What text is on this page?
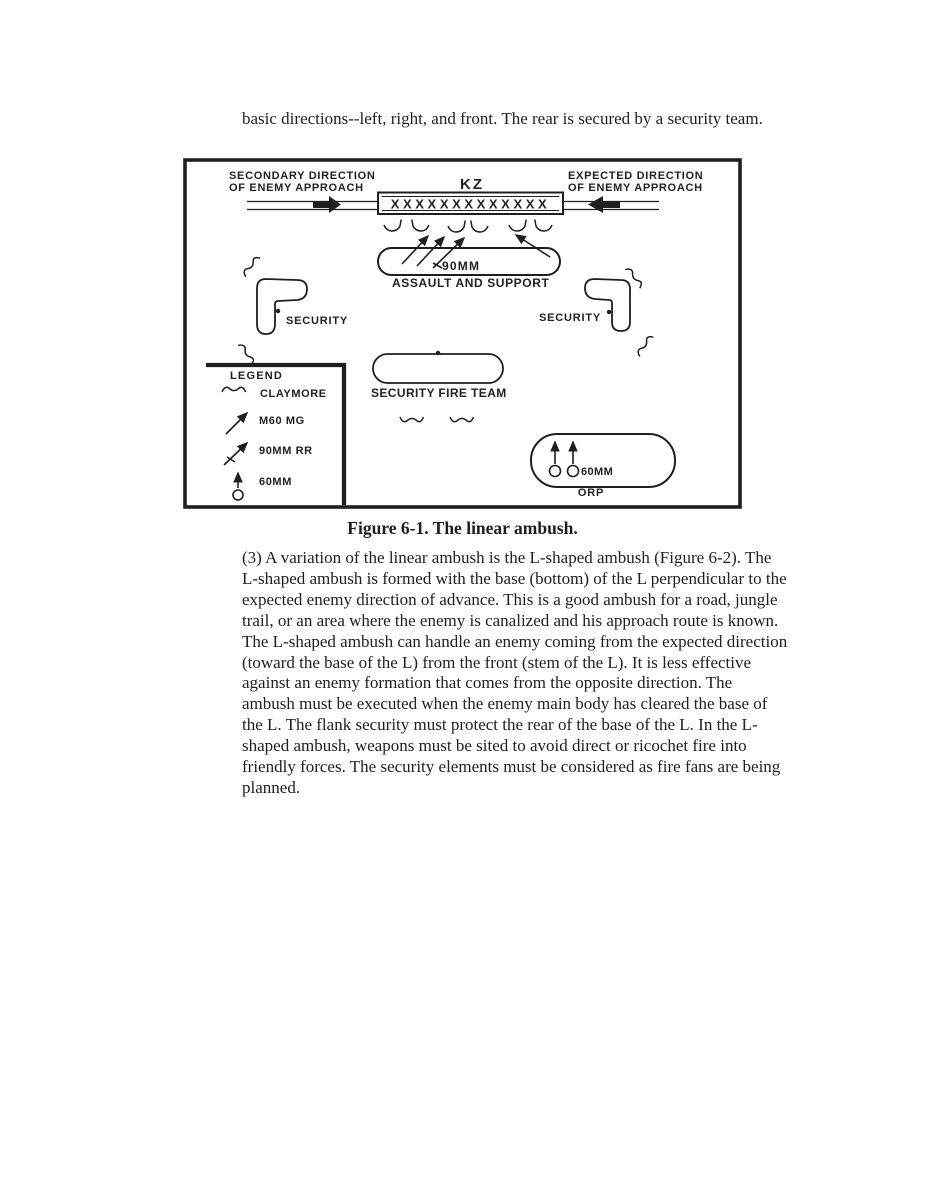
basic directions--left, right, and front. The rear is secured by a security team.

SECONDARY DIRECTION
OF ENEMY APPROACH
EXPECTED DIRECTION
OF ENEMY APPROACH
KZ
XXXXXXXXXXXXX
90MM
ASSAULT AND SUPPORT
SECURITY	SECURITY
LEGEND
CLAYMORE
M60 MG
90MM RR
60MM
SECURITY FIRE TEAM
60MM
ORP

Figure 6-1. The linear ambush.

(3) A variation of the linear ambush is the L-shaped ambush (Figure 6-2). The L-shaped ambush is formed with the base (bottom) of the L perpendicular to the expected enemy direction of advance. This is a good ambush for a road, jungle trail, or an area where the enemy is canalized and his approach route is known. The L-shaped ambush can handle an enemy coming from the expected direction (toward the base of the L) from the front (stem of the L). It is less effective against an enemy formation that comes from the opposite direction. The ambush must be executed when the enemy main body has cleared the base of the L. The flank security must protect the rear of the base of the L. In the L-shaped ambush, weapons must be sited to avoid direct or ricochet fire into friendly forces. The security elements must be considered as fire fans are being planned.
